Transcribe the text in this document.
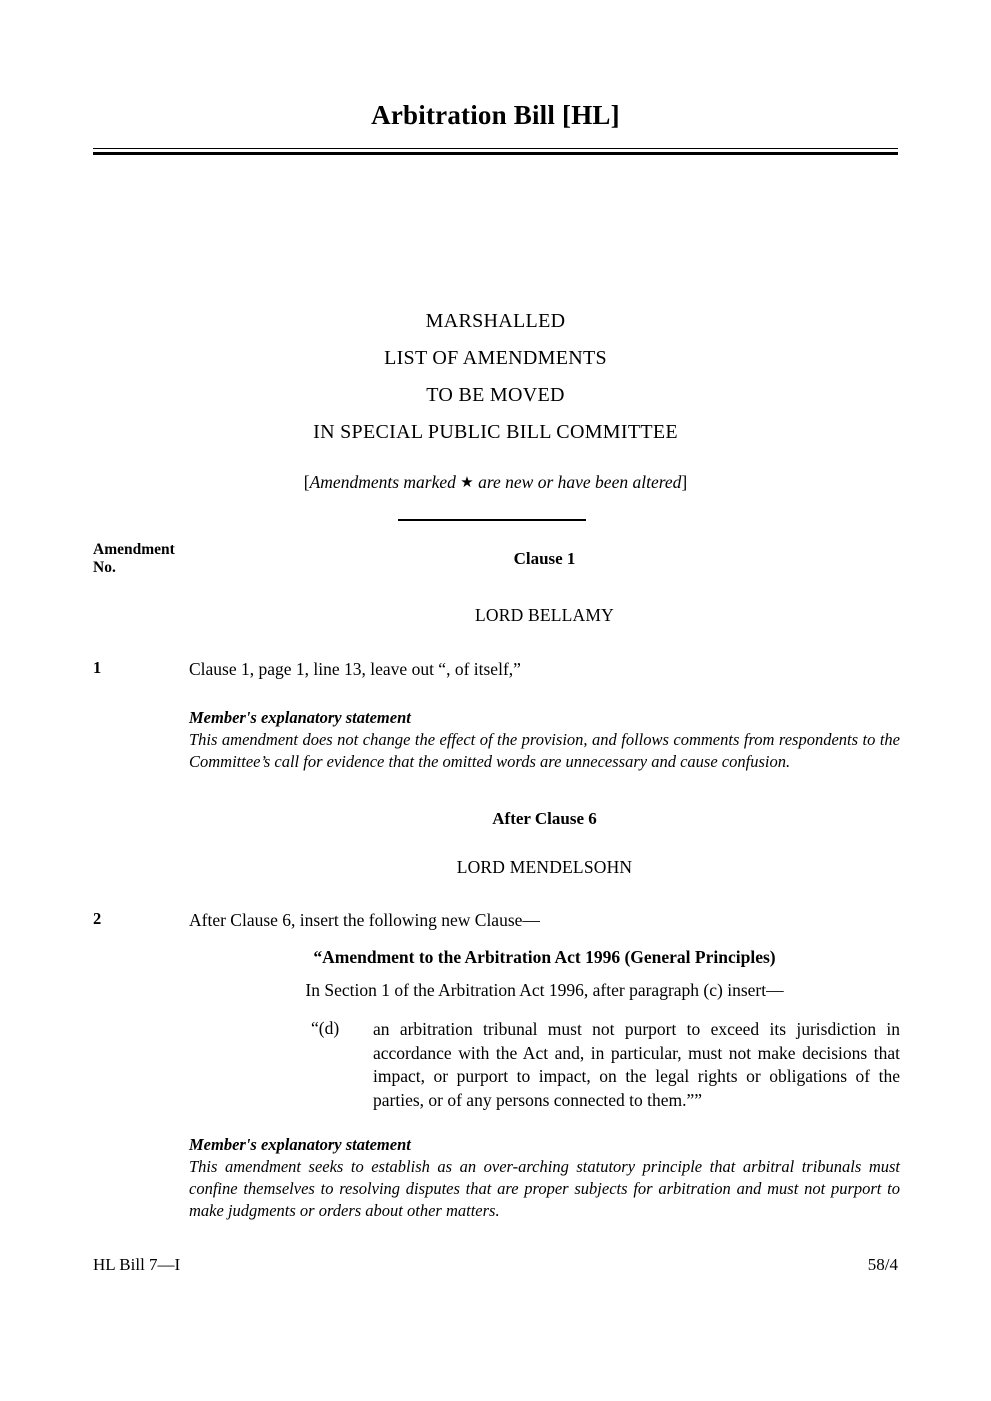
Arbitration Bill [HL]
MARSHALLED
LIST OF AMENDMENTS
TO BE MOVED
IN SPECIAL PUBLIC BILL COMMITTEE
[Amendments marked ★ are new or have been altered]
Amendment
No.	Clause 1
LORD BELLAMY
1	Clause 1, page 1, line 13, leave out “, of itself,”

Member's explanatory statement

This amendment does not change the effect of the provision, and follows comments from respondents to the Committee’s call for evidence that the omitted words are unnecessary and cause confusion.

After Clause 6
LORD MENDELSOHN
2	After Clause 6, insert the following new Clause—

“Amendment to the Arbitration Act 1996 (General Principles)

In Section 1 of the Arbitration Act 1996, after paragraph (c) insert—

“(d)	an arbitration tribunal must not purport to exceed its jurisdiction in accordance with the Act and, in particular, must not make decisions that impact, or purport to impact, on the legal rights or obligations of the parties, or of any persons connected to them.””

Member's explanatory statement

This amendment seeks to establish as an over-arching statutory principle that arbitral tribunals must confine themselves to resolving disputes that are proper subjects for arbitration and must not purport to make judgments or orders about other matters.

HL Bill 7—I	58/4
